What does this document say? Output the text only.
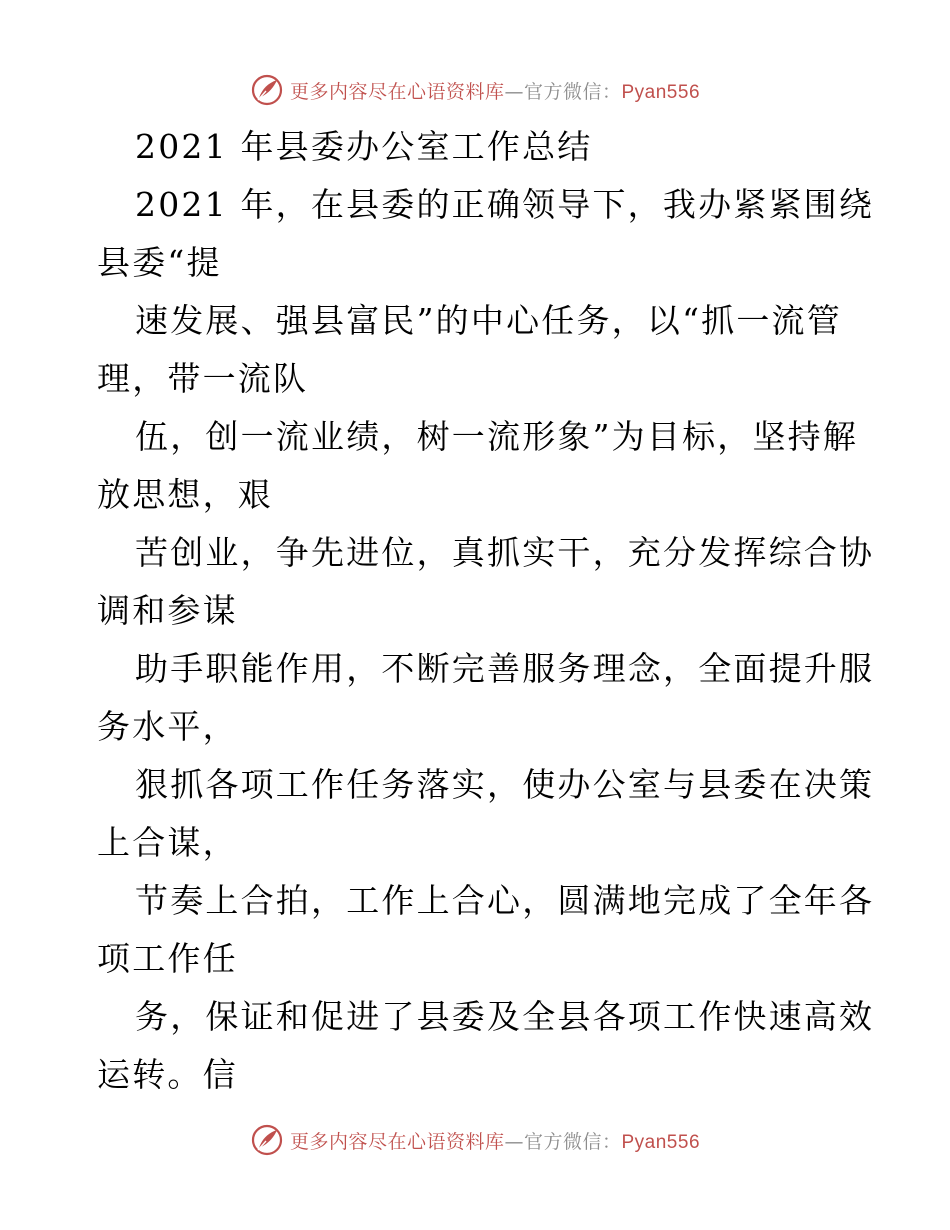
更多内容尽在心语资料库—官方微信：Pyan556
2021 年县委办公室工作总结
2021 年，在县委的正确领导下，我办紧紧围绕
县委“提
速发展、强县富民”的中心任务，以“抓一流管
理，带一流队
伍，创一流业绩，树一流形象”为目标，坚持解
放思想，艰
苦创业，争先进位，真抓实干，充分发挥综合协
调和参谋
助手职能作用，不断完善服务理念，全面提升服
务水平，
狠抓各项工作任务落实，使办公室与县委在决策
上合谋，
节奏上合拍，工作上合心，圆满地完成了全年各
项工作任
务，保证和促进了县委及全县各项工作快速高效
运转。信
更多内容尽在心语资料库—官方微信：Pyan556
